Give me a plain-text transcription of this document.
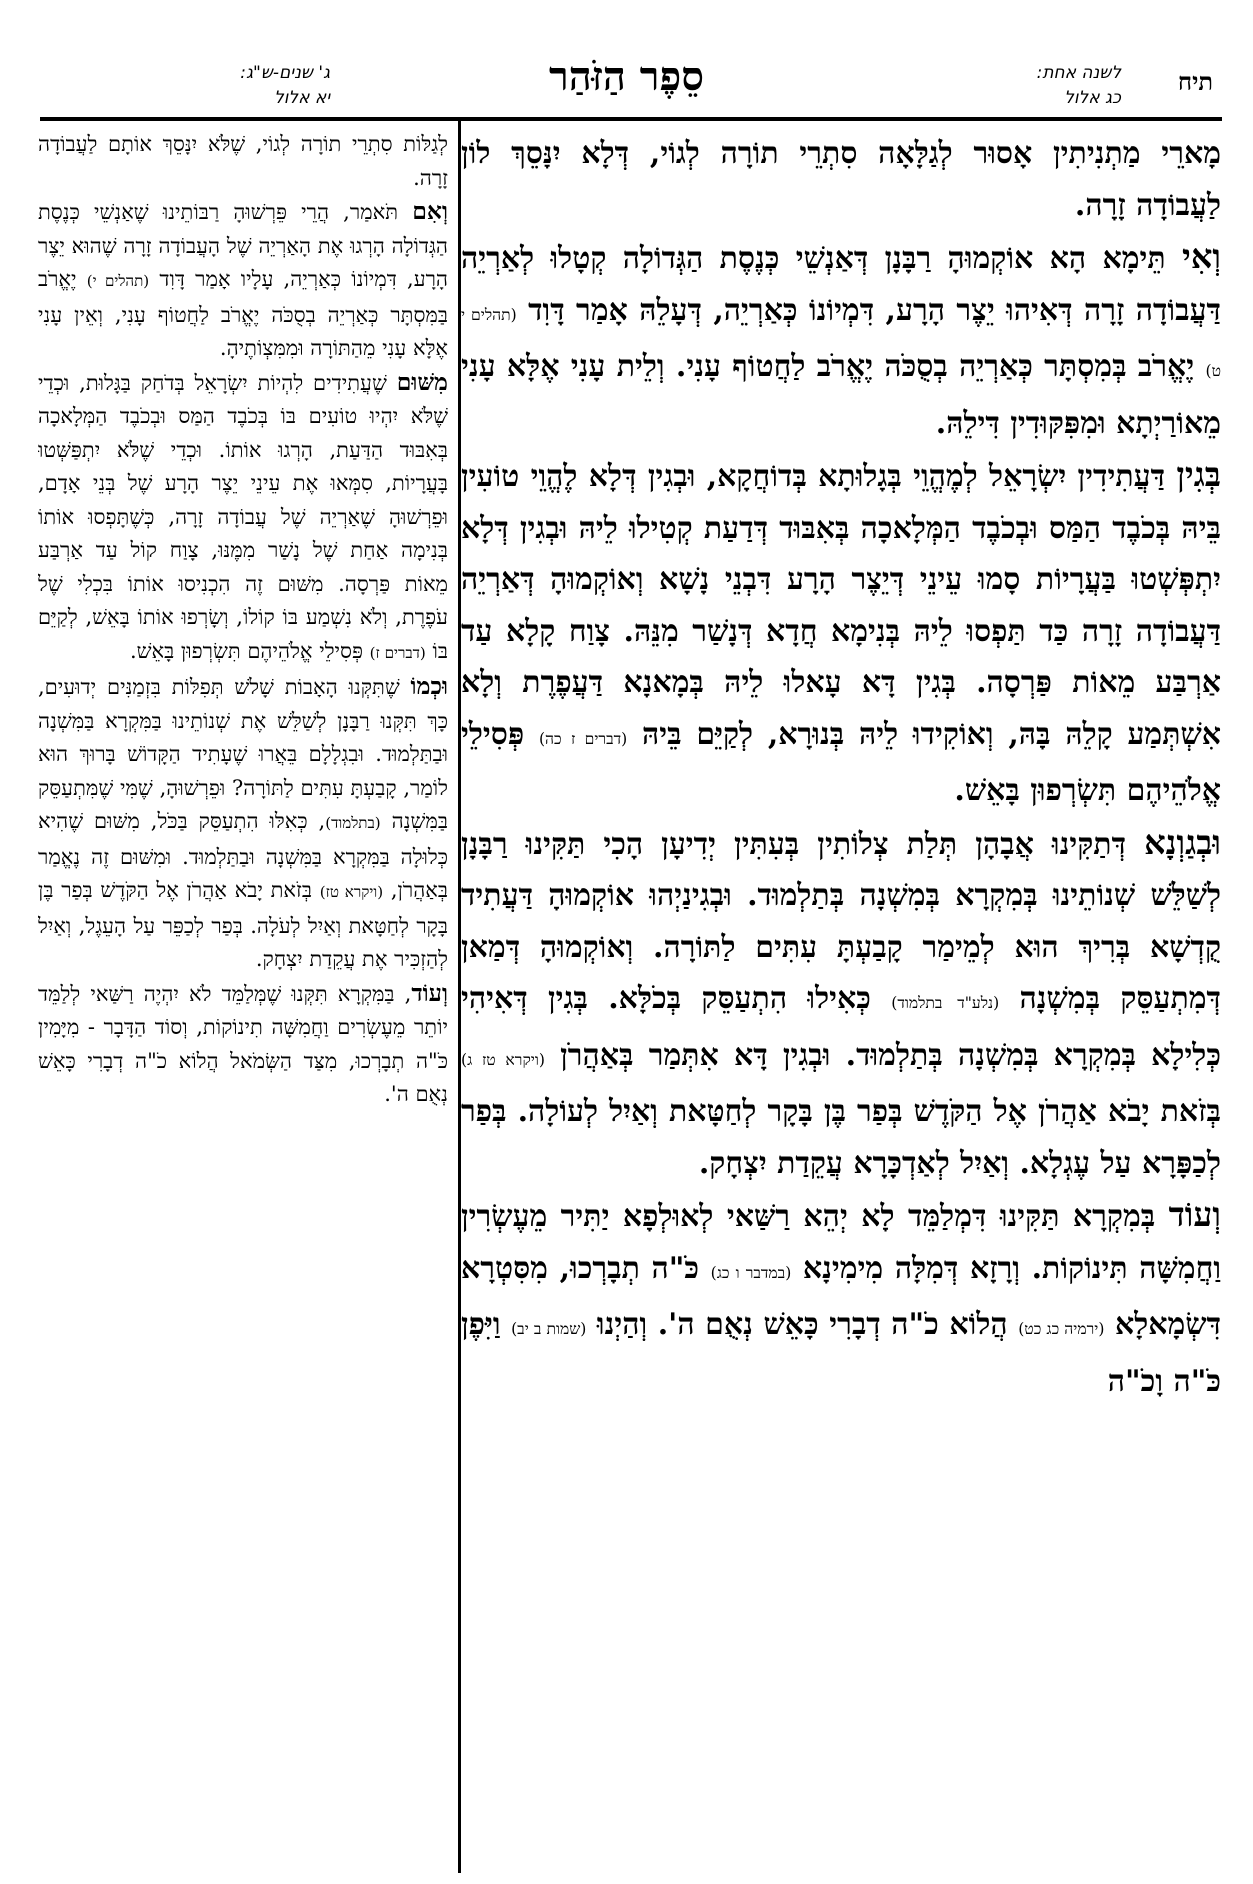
תיח
לשנה אחת:
כג אלול
סֵפֶר הַזֹּהַר
ג' שנים-ש"ג:
יא אלול

מָארֵי מַתְנִיתִין אָסוּר לְגַלָּאָה סִתְרֵי תוֹרָה לְגוֹי, דְּלָא יִנָּסֵךְ לוֹן לַעֲבוֹדָה זָרָה.

וְאִי תֵּימָא הָא אוֹקְמוּהָ רַבָּנָן דְּאַנְשֵׁי כְּנֶסֶת הַגְּדוֹלָה קְטָלוּ לְאַרְיֵה דַּעֲבוֹדָה זָרָה דְּאִיהוּ יֵצֶר הָרָע, דִּמְיוֹנוֹ כְּאַרְיֵה, דְּעָלֵהּ אָמַר דָּוִד (תהלים י ט) יֶאֱרֹב בְּמִסְתָּר כְּאַרְיֵה בְסֻכֹּה יֶאֱרֹב לַחֲטוֹף עָנִי. וְלֵית עָנִי אֶלָּא עָנִי מֵאוֹרַיְתָא וּמִפִּקּוּדִין דִּילֵהּ.

בְּגִין דַּעֲתִידִין יִשְׂרָאֵל לְמֶהֱוֵי בְּגָלוּתָא בְּדוֹחֲקָא, וּבְגִין דְּלָא לֶהֱוֵי טוֹעִין בֵּיהּ בְּכֹבֶד הַמַּס וּבְכֹבֶד הַמְּלָאכָה בְּאִבּוּד דְּדַעַת קְטִילוּ לֵיהּ וּבְגִין דְּלָא יִתְפְּשְׁטוּ בַּעֲרָיוֹת סָמוּ עֵינֵי דְּיֵצֶר הָרָע דִּבְנֵי נָשָׁא וְאוֹקְמוּהָ דְּאַרְיֵה דַּעֲבוֹדָה זָרָה כַּד תַּפְסוּ לֵיהּ בְּנִימָא חֲדָא דְּנָשַׁר מִנֵּהּ. צָוַח קָלָא עַד אַרְבַּע מֵאוֹת פַּרְסָה. בְּגִין דָּא עָאלוּ לֵיהּ בְּמָאנָא דַּעֲפֶרֶת וְלָא אִשְׁתְּמַע קָלֵהּ בָּהּ, וְאוֹקִידוּ לֵיהּ בְּנוּרָא, לְקַיֵּם בֵּיהּ (דברים ז כה) פְּסִילֵי אֱלֹהֵיהֶם תִּשְׂרְפוּן בָּאֵשׁ.

וּבְגַוְנָא דְּתַקִּינוּ אֲבָהָן תְּלַת צְלוֹתִין בְּעִתִּין יְדִיעָן הָכִי תַּקִּינוּ רַבָּנָן לְשַׁלֵּשׁ שְׁנוֹתֵינוּ בְּמִקְרָא בְּמִשְׁנָה בְּתַלְמוּד. וּבְגִינַיְהוּ אוֹקְמוּהָ דַּעֲתִיד קֻדְשָׁא בְּרִיךְ הוּא לְמֵימַר קָבַעְתָּ עִתִּים לַתּוֹרָה. וְאוֹקְמוּהָ דְּמַאן דְּמִתְעַסֵּק בְּמִשְׁנָה (נלע"ד בתלמוד) כְּאִילוּ הִתְעַסֵּק בְּכֹלָּא. בְּגִין דְּאִיהִי כְּלִילָא בְּמִקְרָא בְּמִשְׁנָה בְּתַלְמוּד. וּבְגִין דָּא אִתְּמַר בְּאַהֲרֹן (ויקרא טז ג) בְּזֹאת יָבֹא אַהֲרֹן אֶל הַקֹּדֶשׁ בְּפַר בֶּן בָּקָר לְחַטָּאת וְאַיִל לְעוֹלָה. בְּפַר לְכַפָּרָא עַל עֶגְלָא. וְאַיִל לְאַדְכָּרָא עֲקֵדַת יִצְחָק.

וְעוֹד בְּמִקְרָא תַּקִּינוּ דִּמְלַמֵּד לָא יְהֵא רַשַּׁאי לְאוּלְפָא יַתִּיר מֵעֶשְׂרִין וַחֲמִשָּׁה תִּינוֹקוֹת. וְרָזָא דְּמִלָּה מִימִינָא (במדבר ו כג) כֹּ"ה תְבָרְכוּ, מִסִּטְרָא דִּשְׂמָאלָא (ירמיה כג כט) הֲלוֹא כֹ"ה דְבָרִי כָּאֵשׁ נְאֻם ה'. וְהַיְנוּ (שמות ב יב) וַיִּפֶן כֹּ"ה וָכֹ"ה

לְגַלּוֹת סִתְרֵי תוֹרָה לְגוֹי, שֶׁלֹּא יִנָּסֵךְ אוֹתָם לַעֲבוֹדָה זָרָה.

וְאִם תֹּאמַר, הֲרֵי פֵּרְשׁוּהָ רַבּוֹתֵינוּ שֶׁאַנְשֵׁי כְּנֶסֶת הַגְּדוֹלָה הָרְגוּ אֶת הָאַרְיֵה שֶׁל הָעֲבוֹדָה זָרָה שֶׁהוּא יֵצֶר הָרָע, דִּמְיוֹנוֹ כְּאַרְיֵה, עָלָיו אָמַר דָּוִד (תהלים י) יֶאֱרֹב בַּמִּסְתָּר כְּאַרְיֵה בְסֻכֹּה יֶאֱרֹב לַחֲטוֹף עָנִי, וְאֵין עָנִי אֶלָּא עָנִי מֵהַתּוֹרָה וּמִמִּצְוֹתֶיהָ.

מִשּׁוּם שֶׁעֲתִידִים לִהְיוֹת יִשְׂרָאֵל בְּדֹחַק בַּגָּלוּת, וּכְדֵי שֶׁלֹּא יִהְיוּ טוֹעִים בּוֹ בְּכֹבֶד הַמַּס וּבְכֹבֶד הַמְּלָאכָה בְּאִבּוּד הַדַּעַת, הָרְגוּ אוֹתוֹ. וּכְדֵי שֶׁלֹּא יִתְפַּשְּׁטוּ בָּעֲרָיוֹת, סִמְּאוּ אֶת עֵינֵי יֵצֶר הָרָע שֶׁל בְּנֵי אָדָם, וּפֵרְשׁוּהָ שֶׁאַרְיֵה שֶׁל עֲבוֹדָה זָרָה, כְּשֶׁתָּפְסוּ אוֹתוֹ בְּנִימָה אַחַת שֶׁל נָשַׁר מִמֶּנּוּ, צָוַח קוֹל עַד אַרְבַּע מֵאוֹת פַּרְסָה. מִשּׁוּם זֶה הִכְנִיסוּ אוֹתוֹ בִּכְלִי שֶׁל עֹפֶרֶת, וְלֹא נִשְׁמַע בּוֹ קוֹלוֹ, וְשָׂרְפוּ אוֹתוֹ בָּאֵשׁ, לְקַיֵּם בּוֹ (דברים ז) פְּסִילֵי אֱלֹהֵיהֶם תִּשְׂרְפוּן בָּאֵשׁ.

וּכְמוֹ שֶׁתִּקְּנוּ הָאָבוֹת שָׁלֹשׁ תְּפִלּוֹת בִּזְמַנִּים יְדוּעִים, כָּךְ תִּקְּנוּ רַבָּנָן לְשַׁלֵּשׁ אֶת שְׁנוֹתֵינוּ בַּמִּקְרָא בַּמִּשְׁנָה וּבַתַּלְמוּד. וּבִגְלָלָם בֵּאֲרוּ שֶׁעָתִיד הַקָּדוֹשׁ בָּרוּךְ הוּא לוֹמַר, קָבַעְתָּ עִתִּים לַתּוֹרָה? וּפֵרְשׁוּהָ, שֶׁמִּי שֶׁמִּתְעַסֵּק בַּמִּשְׁנָה (בתלמוד), כְּאִלּוּ הִתְעַסֵּק בַּכֹּל, מִשּׁוּם שֶׁהִיא כְּלוּלָה בַּמִּקְרָא בַּמִּשְׁנָה וּבַתַּלְמוּד. וּמִשּׁוּם זֶה נֶאֱמַר בְּאַהֲרֹן, (ויקרא טז) בְּזֹאת יָבֹא אַהֲרֹן אֶל הַקֹּדֶשׁ בְּפַר בֶּן בָּקָר לְחַטָּאת וְאַיִל לְעֹלָה. בְּפַר לְכַפֵּר עַל הָעֵגֶל, וְאַיִל לְהַזְכִּיר אֶת עֲקֵדַת יִצְחָק.

וְעוֹד, בַּמִּקְרָא תִּקְּנוּ שֶׁמְּלַמֵּד לֹא יִהְיֶה רַשַּׁאי לְלַמֵּד יוֹתֵר מֵעֶשְׂרִים וַחֲמִשָּׁה תִינוֹקוֹת, וְסוֹד הַדָּבָר - מִיָּמִין כֹּ"ה תְבָרְכוּ, מִצַּד הַשְּׂמֹאל הֲלוֹא כֹ"ה דְבָרִי כָּאֵשׁ נְאֻם ה'.
